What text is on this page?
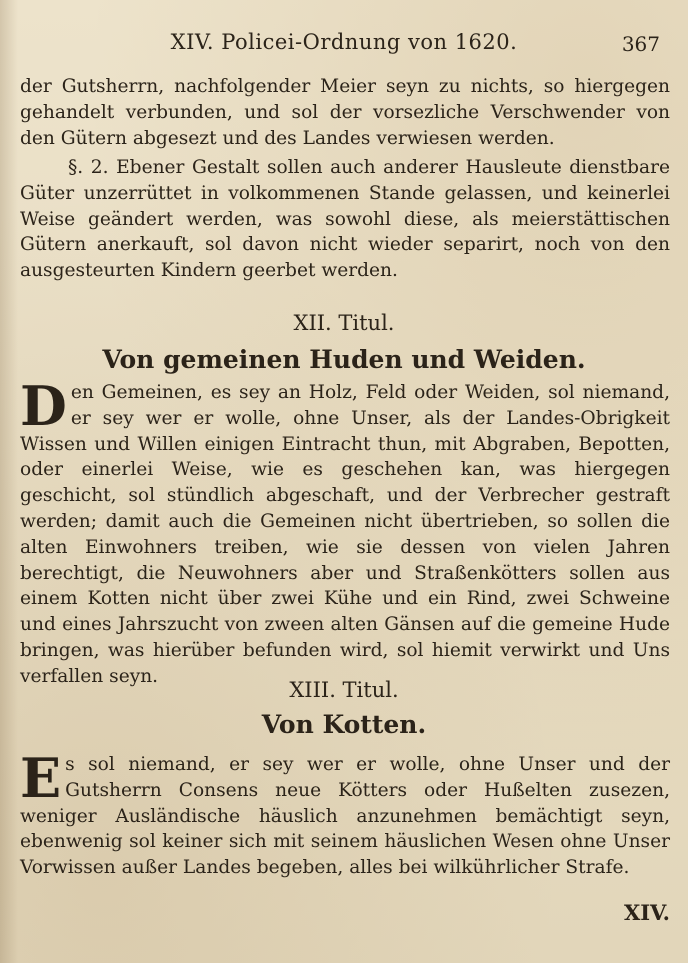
XIV. Policei-Ordnung von 1620.	367
der Gutsherrn, nachfolgender Meier seyn zu nichts, so hiergegen gehandelt verbunden, und sol der vorsezliche Verschwender von den Gütern abgesezt und des Landes verwiesen werden.
§. 2. Ebener Gestalt sollen auch anderer Hausleute dienstbare Güter unzerrüttet in volkommenen Stande gelassen, und keinerlei Weise geändert werden, was sowohl diese, als meierstättischen Gütern anerkauft, sol davon nicht wieder separirt, noch von den ausgesteurten Kindern geerbet werden.
XII. Titul.
Von gemeinen Huden und Weiden.
Den Gemeinen, es sey an Holz, Feld oder Weiden, sol niemand, er sey wer er wolle, ohne Unser, als der Landes-Obrigkeit Wissen und Willen einigen Eintracht thun, mit Abgraben, Bepotten, oder einerlei Weise, wie es geschehen kan, was hiergegen geschicht, sol stündlich abgeschaft, und der Verbrecher gestraft werden; damit auch die Gemeinen nicht übertrieben, so sollen die alten Einwohners treiben, wie sie dessen von vielen Jahren berechtigt, die Neuwohners aber und Straßenkötters sollen aus einem Kotten nicht über zwei Kühe und ein Rind, zwei Schweine und eines Jahrszucht von zween alten Gänsen auf die gemeine Hude bringen, was hierüber befunden wird, sol hiemit verwirkt und Uns verfallen seyn.
XIII. Titul.
Von Kotten.
Es sol niemand, er sey wer er wolle, ohne Unser und der Gutsherrn Consens neue Kötters oder Hußelten zusezen, weniger Ausländische häuslich anzunehmen bemächtigt seyn, ebenwenig sol keiner sich mit seinem häuslichen Wesen ohne Unser Vorwissen außer Landes begeben, alles bei wilkührlicher Strafe.
XIV.
